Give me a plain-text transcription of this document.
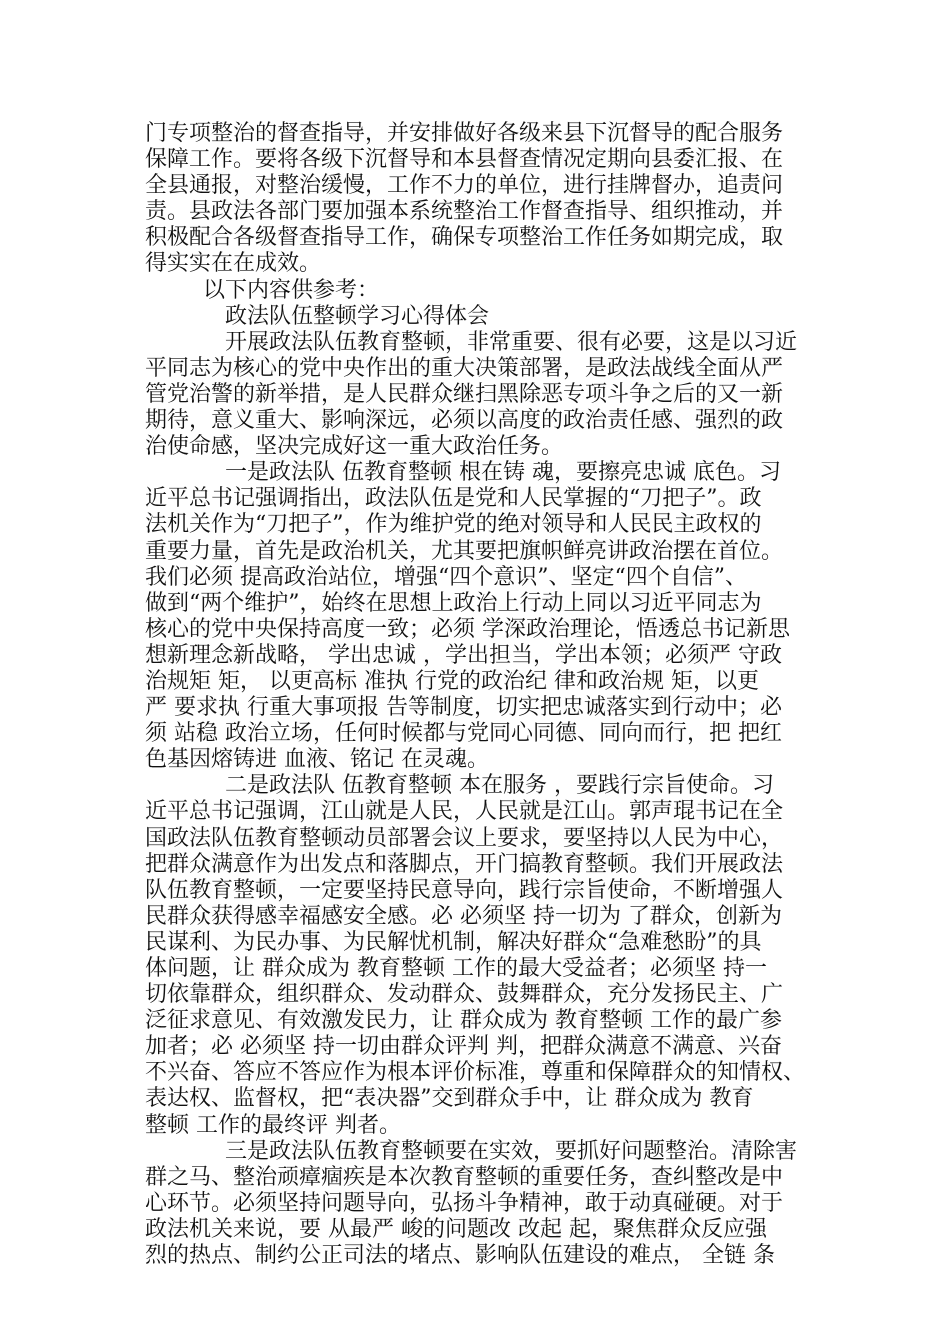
门专项整治的督查指导，并安排做好各级来县下沉督导的配合服务
保障工作。要将各级下沉督导和本县督查情况定期向县委汇报、在
全县通报，对整治缓慢，工作不力的单位，进行挂牌督办，追责问
责。县政法各部门要加强本系统整治工作督查指导、组织推动，并
积极配合各级督查指导工作，确保专项整治工作任务如期完成，取
得实实在在成效。
以下内容供参考：
政法队伍整顿学习心得体会
开展政法队伍教育整顿，非常重要、很有必要，这是以习近
平同志为核心的党中央作出的重大决策部署，是政法战线全面从严
管党治警的新举措，是人民群众继扫黑除恶专项斗争之后的又一新
期待，意义重大、影响深远，必须以高度的政治责任感、强烈的政
治使命感，坚决完成好这一重大政治任务。
一是政法队 伍教育整顿 根在铸 魂，要擦亮忠诚 底色。习
近平总书记强调指出，政法队伍是党和人民掌握的“刀把子”。政
法机关作为“刀把子”，作为维护党的绝对领导和人民民主政权的
重要力量，首先是政治机关，尤其要把旗帜鲜亮讲政治摆在首位。
我们必须 提高政治站位，增强“四个意识”、坚定“四个自信”、
做到“两个维护”，始终在思想上政治上行动上同以习近平同志为
核心的党中央保持高度一致；必须 学深政治理论，悟透总书记新思
想新理念新战略， 学出忠诚 ，学出担当，学出本领；必须严 守政
治规矩 矩， 以更高标 准执 行党的政治纪 律和政治规 矩，以更
严 要求执 行重大事项报 告等制度，切实把忠诚落实到行动中；必
须 站稳 政治立场，任何时候都与党同心同德、同向而行，把 把红
色基因熔铸进 血液、铭记 在灵魂。
二是政法队 伍教育整顿 本在服务 ，要践行宗旨使命。习
近平总书记强调，江山就是人民，人民就是江山。郭声琨书记在全
国政法队伍教育整顿动员部署会议上要求，要坚持以人民为中心，
把群众满意作为出发点和落脚点，开门搞教育整顿。我们开展政法
队伍教育整顿，一定要坚持民意导向，践行宗旨使命，不断增强人
民群众获得感幸福感安全感。必 必须坚 持一切为 了群众，创新为
民谋利、为民办事、为民解忧机制，解决好群众“急难愁盼”的具
体问题，让 群众成为 教育整顿 工作的最大受益者；必须坚 持一
切依靠群众，组织群众、发动群众、鼓舞群众，充分发扬民主、广
泛征求意见、有效激发民力，让 群众成为 教育整顿 工作的最广参
加者；必 必须坚 持一切由群众评判 判，把群众满意不满意、兴奋
不兴奋、答应不答应作为根本评价标准，尊重和保障群众的知情权、
表达权、监督权，把“表决器”交到群众手中，让 群众成为 教育
整顿 工作的最终评 判者。
三是政法队伍教育整顿要在实效，要抓好问题整治。清除害
群之马、整治顽瘴痼疾是本次教育整顿的重要任务，查纠整改是中
心环节。必须坚持问题导向，弘扬斗争精神，敢于动真碰硬。对于
政法机关来说，要 从最严 峻的问题改 改起 起，聚焦群众反应强
烈的热点、制约公正司法的堵点、影响队伍建设的难点， 全链 条
